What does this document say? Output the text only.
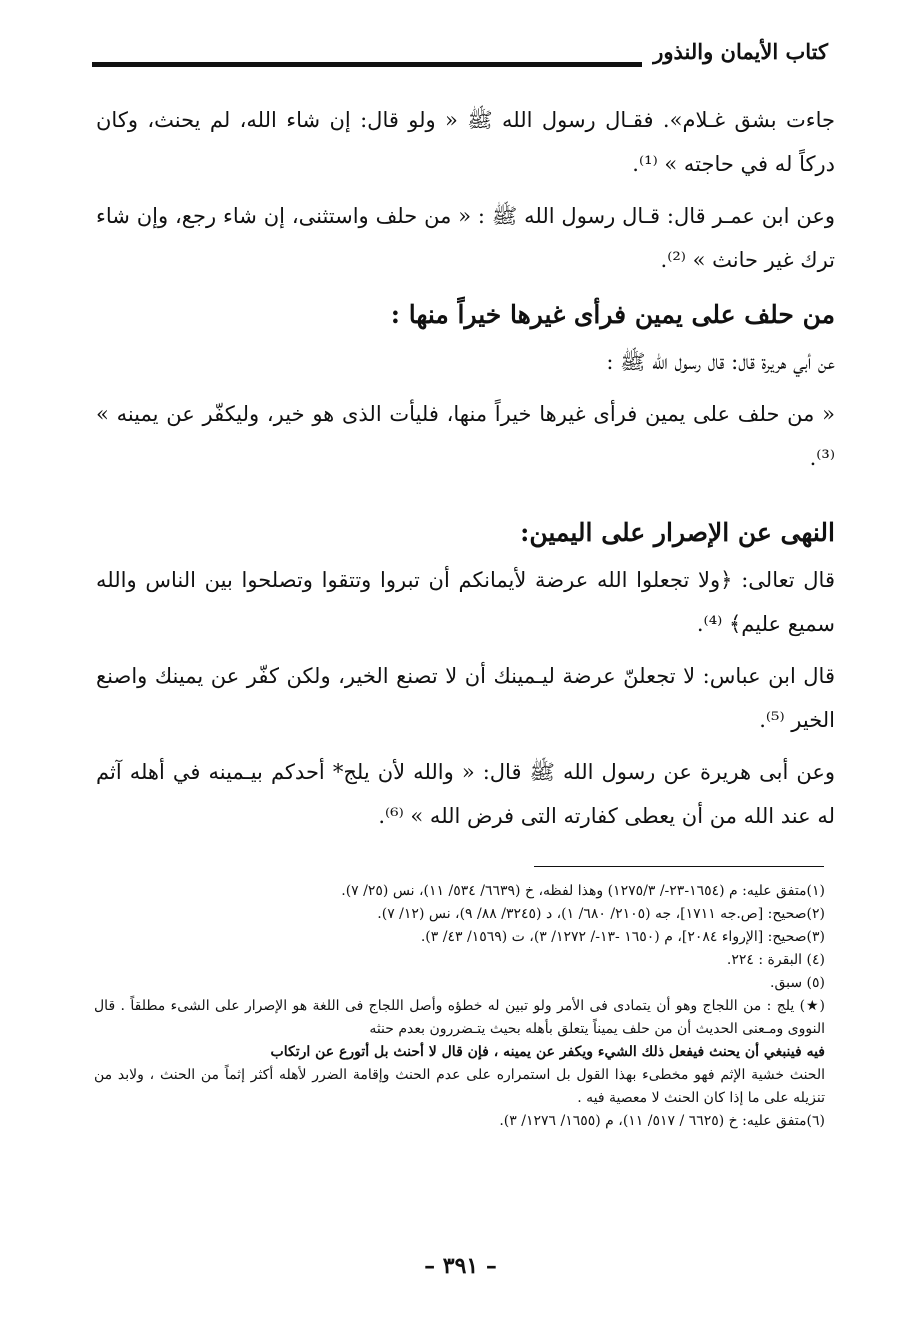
كتاب الأيمان والنذور

جاءت بشق غـلام». فقـال رسول الله ﷺ « ولو قال: إن شاء الله، لم يحنث، وكان دركاً له في حاجته » ⁽¹⁾.

وعن ابن عمـر قال: قـال رسول الله ﷺ : « من حلف واستثنى، إن شاء رجع، وإن شاء ترك غير حانث » ⁽²⁾.

من حلف على يمين فرأى غيرها خيراً منها :

عن أبي هريرة قال: قال رسول الله ﷺ :

« من حلف على يمين فرأى غيرها خيراً منها، فليأت الذى هو خير، وليكفّر عن يمينه » ⁽³⁾.

النهى عن الإصرار على اليمين:

قال تعالى: ﴿ولا تجعلوا الله عرضة لأيمانكم أن تبروا وتتقوا وتصلحوا بين الناس والله سميع عليم﴾ ⁽⁴⁾.

قال ابن عباس: لا تجعلنّ عرضة ليـمينك أن لا تصنع الخير، ولكن كفّر عن يمينك واصنع الخير ⁽⁵⁾.

وعن أبى هريرة عن رسول الله ﷺ قال: « والله لأن يلج* أحدكم بيـمينه في أهله آثم له عند الله من أن يعطى كفارته التى فرض الله » ⁽⁶⁾.

(١)متفق عليه: م (١٦٥٤-٢٣-/ ١٢٧٥/٣) وهذا لفظه، خ (٦٦٣٩/ ٥٣٤/ ١١)، نس (٢٥/ ٧).

(٢)صحيح: [ص.جه ١٧١١]، جه (٢١٠٥/ ٦٨٠/ ١)، د (٣٢٤٥/ ٨٨/ ٩)، نس (١٢/ ٧).

(٣)صحيح: [الإرواء ٢٠٨٤]، م (١٦٥٠ -١٣-/ ١٢٧٢/ ٣)، ت (١٥٦٩/ ٤٣/ ٣).

(٤) البقرة : ٢٢٤.

(٥) سبق.

(★) يلج : من اللجاج وهو أن يتمادى فى الأمر ولو تبين له خطؤه وأصل اللجاج فى اللغة هو الإصرار على الشىء مطلقاً . قال النووى ومـعنى الحديث أن من حلف يميناً يتعلق بأهله بحيث يتـضررون بعدم حنثه

فيه فينبغي أن يحنث فيفعل ذلك الشيء ويكفر عن يمينه ، فإن قال لا أحنث بل أتورع عن ارتكاب

الحنث خشية الإثم فهو مخطىء بهذا القول بل استمراره على عدم الحنث وإقامة الضرر لأهله أكثر إثماً من الحنث ، ولابد من تنزيله على ما إذا كان الحنث لا معصية فيه .

(٦)متفق عليه: خ (٦٦٢٥ / ٥١٧/ ١١)، م (١٦٥٥/ ١٢٧٦/ ٣).

– ٣٩١ –
